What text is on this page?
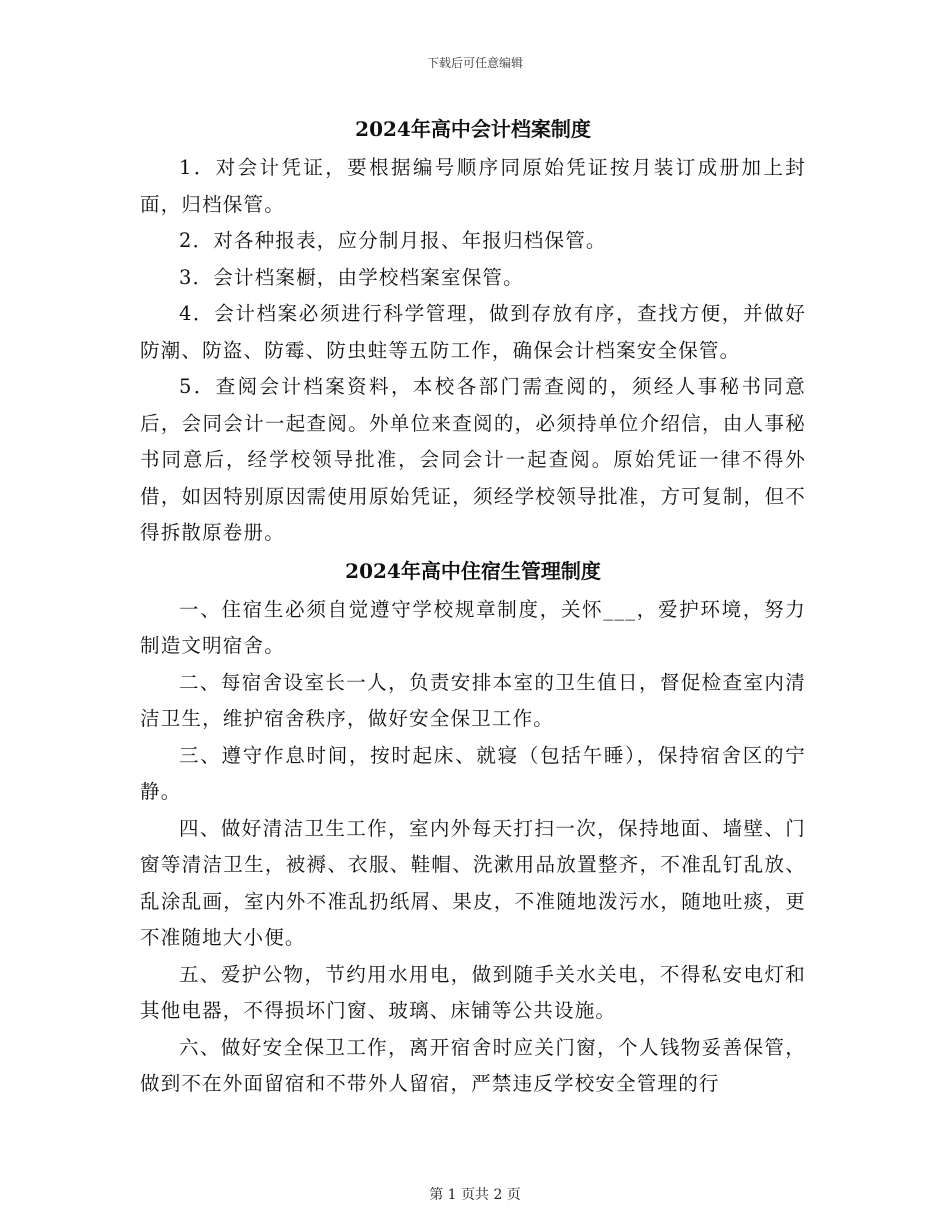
下载后可任意编辑
2024年高中会计档案制度

1．对会计凭证，要根据编号顺序同原始凭证按月装订成册加上封面，归档保管。

2．对各种报表，应分制月报、年报归档保管。

3．会计档案橱，由学校档案室保管。

4．会计档案必须进行科学管理，做到存放有序，查找方便，并做好防潮、防盗、防霉、防虫蛀等五防工作，确保会计档案安全保管。

5．查阅会计档案资料，本校各部门需查阅的，须经人事秘书同意后，会同会计一起查阅。外单位来查阅的，必须持单位介绍信，由人事秘书同意后，经学校领导批准，会同会计一起查阅。原始凭证一律不得外借，如因特别原因需使用原始凭证，须经学校领导批准，方可复制，但不得拆散原卷册。

2024年高中住宿生管理制度

一、住宿生必须自觉遵守学校规章制度，关怀___，爱护环境，努力制造文明宿舍。

二、每宿舍设室长一人，负责安排本室的卫生值日，督促检查室内清洁卫生，维护宿舍秩序，做好安全保卫工作。

三、遵守作息时间，按时起床、就寝（包括午睡），保持宿舍区的宁静。

四、做好清洁卫生工作，室内外每天打扫一次，保持地面、墙壁、门窗等清洁卫生，被褥、衣服、鞋帽、洗漱用品放置整齐，不准乱钉乱放、乱涂乱画，室内外不准乱扔纸屑、果皮，不准随地泼污水，随地吐痰，更不准随地大小便。

五、爱护公物，节约用水用电，做到随手关水关电，不得私安电灯和其他电器，不得损坏门窗、玻璃、床铺等公共设施。

六、做好安全保卫工作，离开宿舍时应关门窗，个人钱物妥善保管，做到不在外面留宿和不带外人留宿，严禁违反学校安全管理的行

第 1 页共 2 页
